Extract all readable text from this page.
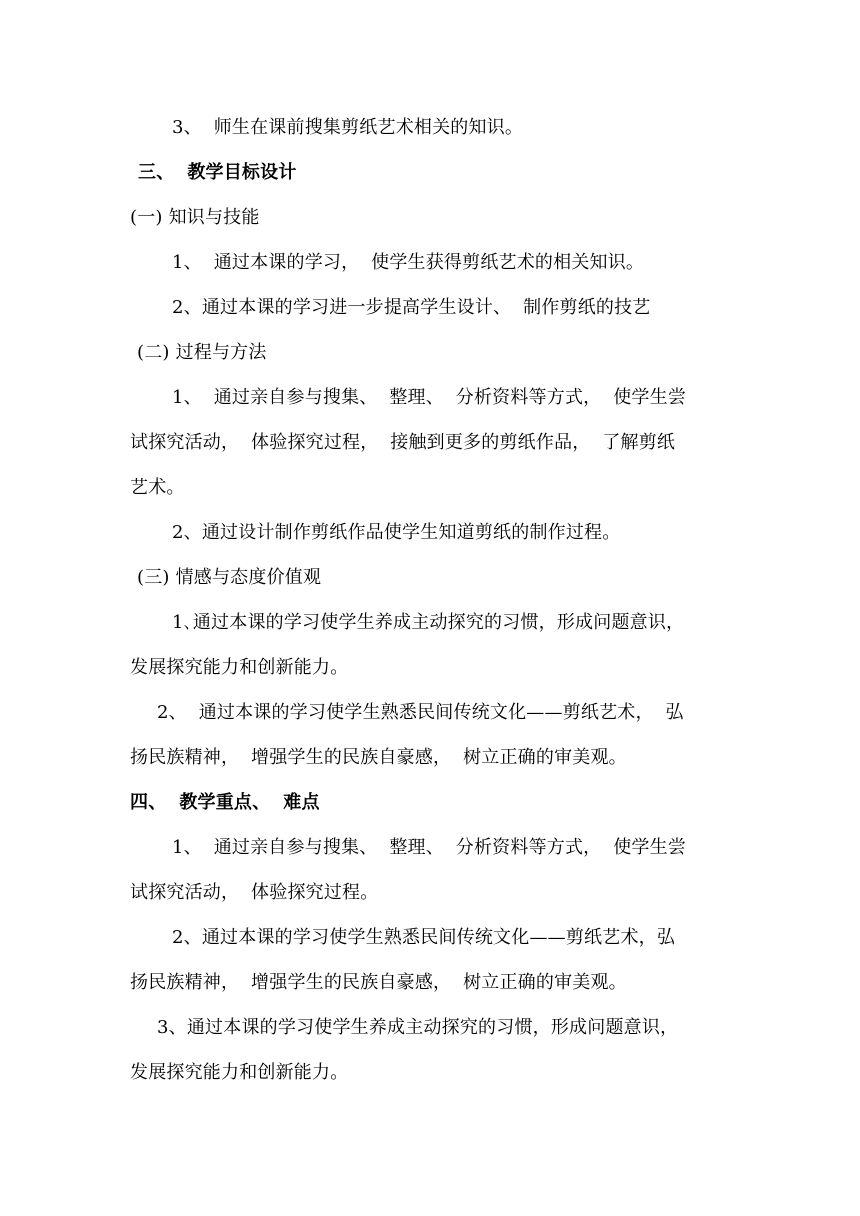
3、  师生在课前搜集剪纸艺术相关的知识。
三、  教学目标设计
(一) 知识与技能
1、  通过本课的学习，  使学生获得剪纸艺术的相关知识。
2、通过本课的学习进一步提高学生设计、  制作剪纸的技艺
(二) 过程与方法
1、  通过亲自参与搜集、  整理、  分析资料等方式，  使学生尝
试探究活动，  体验探究过程，  接触到更多的剪纸作品，  了解剪纸
艺术。
2、通过设计制作剪纸作品使学生知道剪纸的制作过程。
(三) 情感与态度价值观
1､通过本课的学习使学生养成主动探究的习惯，形成问题意识，
发展探究能力和创新能力。
2、  通过本课的学习使学生熟悉民间传统文化——剪纸艺术，  弘
扬民族精神，  增强学生的民族自豪感，  树立正确的审美观。
四、  教学重点、  难点
1、  通过亲自参与搜集、  整理、  分析资料等方式，  使学生尝
试探究活动，  体验探究过程。
2、通过本课的学习使学生熟悉民间传统文化——剪纸艺术，弘
扬民族精神，  增强学生的民族自豪感，  树立正确的审美观。
3、通过本课的学习使学生养成主动探究的习惯，形成问题意识，
发展探究能力和创新能力。
